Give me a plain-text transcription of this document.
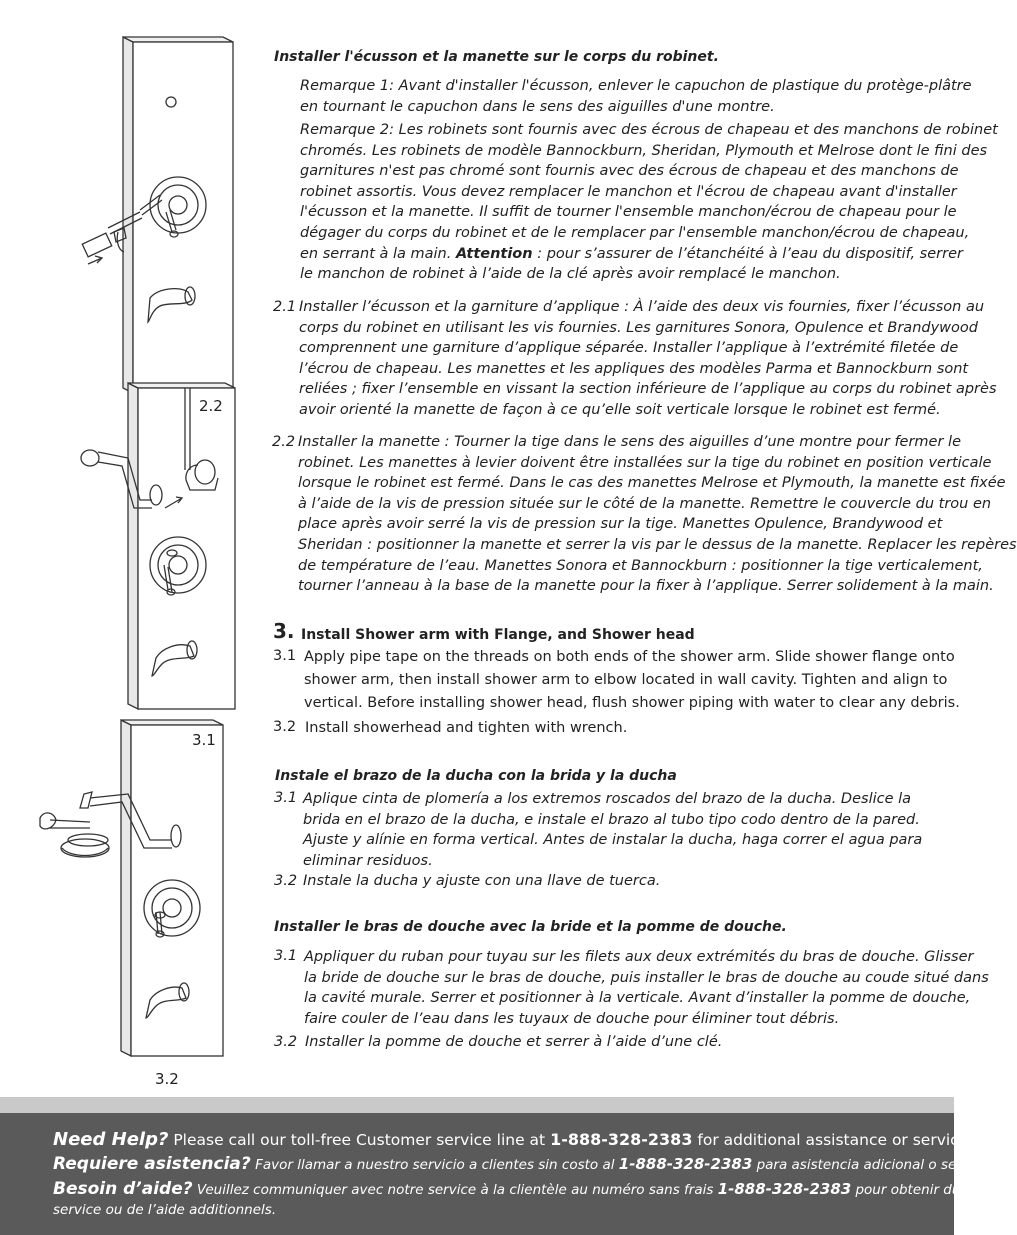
2.2
3.1
3.2
Installer l'écusson et la manette sur le corps du robinet.
Remarque 1: Avant d'installer l'écusson, enlever le capuchon de plastique du protège-plâtre
en tournant le capuchon dans le sens des aiguilles d'une montre.
Remarque 2: Les robinets sont fournis avec des écrous de chapeau et des manchons de robinet
chromés. Les robinets de modèle Bannockburn, Sheridan, Plymouth et Melrose dont le fini des
garnitures n'est pas chromé sont fournis avec des écrous de chapeau et des manchons de
robinet assortis. Vous devez remplacer le manchon et l'écrou de chapeau avant d'installer
l'écusson et la manette. Il suffit de tourner l'ensemble manchon/écrou de chapeau pour le
dégager du corps du robinet et de le remplacer par l'ensemble manchon/écrou de chapeau,
en serrant à la main. Attention : pour s’assurer de l’étanchéité à l’eau du dispositif, serrer
le manchon de robinet à l’aide de la clé après avoir remplacé le manchon.
2.1 Installer l’écusson et la garniture d’applique : À l’aide des deux vis fournies, fixer l’écusson au
corps du robinet en utilisant les vis fournies. Les garnitures Sonora, Opulence et Brandywood
comprennent une garniture d’applique séparée. Installer l’applique à l’extrémité filetée de
l’écrou de chapeau. Les manettes et les appliques des modèles Parma et Bannockburn sont
reliées ; fixer l’ensemble en vissant la section inférieure de l’applique au corps du robinet après
avoir orienté la manette de façon à ce qu’elle soit verticale lorsque le robinet est fermé.
2.2 Installer la manette : Tourner la tige dans le sens des aiguilles d’une montre pour fermer le
robinet. Les manettes à levier doivent être installées sur la tige du robinet en position verticale
lorsque le robinet est fermé. Dans le cas des manettes Melrose et Plymouth, la manette est fixée
à l’aide de la vis de pression située sur le côté de la manette. Remettre le couvercle du trou en
place après avoir serré la vis de pression sur la tige. Manettes Opulence, Brandywood et
Sheridan : positionner la manette et serrer la vis par le dessus de la manette. Replacer les repères
de température de l’eau. Manettes Sonora et Bannockburn : positionner la tige verticalement,
tourner l’anneau à la base de la manette pour la fixer à l’applique. Serrer solidement à la main.
3. Install Shower arm with Flange, and Shower head
3.1 Apply pipe tape on the threads on both ends of the shower arm. Slide shower flange onto
shower arm, then install shower arm to elbow located in wall cavity. Tighten and align to
vertical. Before installing shower head, flush shower piping with water to clear any debris.
3.2 Install showerhead and tighten with wrench.
Instale el brazo de la ducha con la brida y la ducha
3.1 Aplique cinta de plomería a los extremos roscados del brazo de la ducha. Deslice la
brida en el brazo de la ducha, e instale el brazo al tubo tipo codo dentro de la pared.
Ajuste y alínie en forma vertical. Antes de instalar la ducha, haga correr el agua para
eliminar residuos.
3.2 Instale la ducha y ajuste con una llave de tuerca.
Installer le bras de douche avec la bride et la pomme de douche.
3.1 Appliquer du ruban pour tuyau sur les filets aux deux extrémités du bras de douche. Glisser
la bride de douche sur le bras de douche, puis installer le bras de douche au coude situé dans
la cavité murale. Serrer et positionner à la verticale. Avant d’installer la pomme de douche,
faire couler de l’eau dans les tuyaux de douche pour éliminer tout débris.
3.2 Installer la pomme de douche et serrer à l’aide d’une clé.
Need Help? Please call our toll-free Customer service line at 1-888-328-2383 for additional assistance or service.
Requiere asistencia? Favor llamar a nuestro servicio a clientes sin costo al 1-888-328-2383 para asistencia adicional o servicio.
Besoin d’aide? Veuillez communiquer avec notre service à la clientèle au numéro sans frais 1-888-328-2383 pour obtenir du
service ou de l’aide additionnels.
